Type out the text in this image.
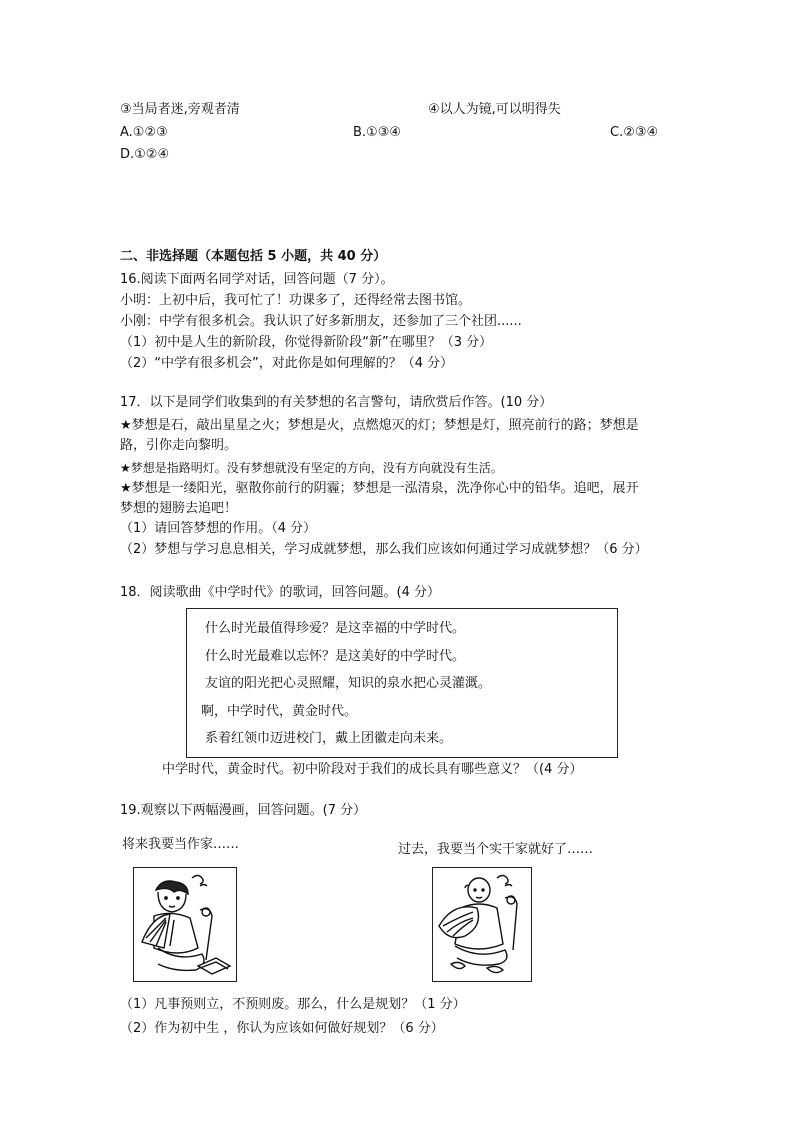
③当局者迷,旁观者清	④以人为镜,可以明得失
A.①②③	B.①③④	C.②③④
D.①②④
二、非选择题（本题包括 5 小题，共 40 分）
16.阅读下面两名同学对话，回答问题（7 分）。
小明：上初中后，我可忙了！功课多了，还得经常去图书馆。
小刚：中学有很多机会。我认识了好多新朋友，还参加了三个社团......
（1）初中是人生的新阶段，你觉得新阶段“新”在哪里？（3 分）
（2）“中学有很多机会”，对此你是如何理解的？（4 分）
17．以下是同学们收集到的有关梦想的名言警句，请欣赏后作答。(10 分）
★梦想是石，敲出星星之火；梦想是火，点燃熄灭的灯；梦想是灯，照亮前行的路；梦想是
路，引你走向黎明。
★梦想是指路明灯。没有梦想就没有坚定的方向，没有方向就没有生活。
★梦想是一缕阳光，驱散你前行的阴霾；梦想是一泓清泉，洗净你心中的铅华。追吧，展开
梦想的翅膀去追吧！
（1）请回答梦想的作用。（4 分）
（2）梦想与学习息息相关，学习成就梦想，那么我们应该如何通过学习成就梦想？（6 分）
18．阅读歌曲《中学时代》的歌词，回答问题。(4 分）
什么时光最值得珍爱？是这幸福的中学时代。
什么时光最难以忘怀？是这美好的中学时代。
友谊的阳光把心灵照耀，知识的泉水把心灵灌溉。
啊，中学时代，黄金时代。
系着红领巾迈进校门，戴上团徽走向未来。
中学时代，黄金时代。初中阶段对于我们的成长具有哪些意义？（(4 分）
19.观察以下两幅漫画，回答问题。(7 分）
将来我要当作家……	过去，我要当个实干家就好了……
（1）凡事预则立，不预则废。那么，什么是规划？（1 分）
（2）作为初中生 ，你认为应该如何做好规划？（6 分）
